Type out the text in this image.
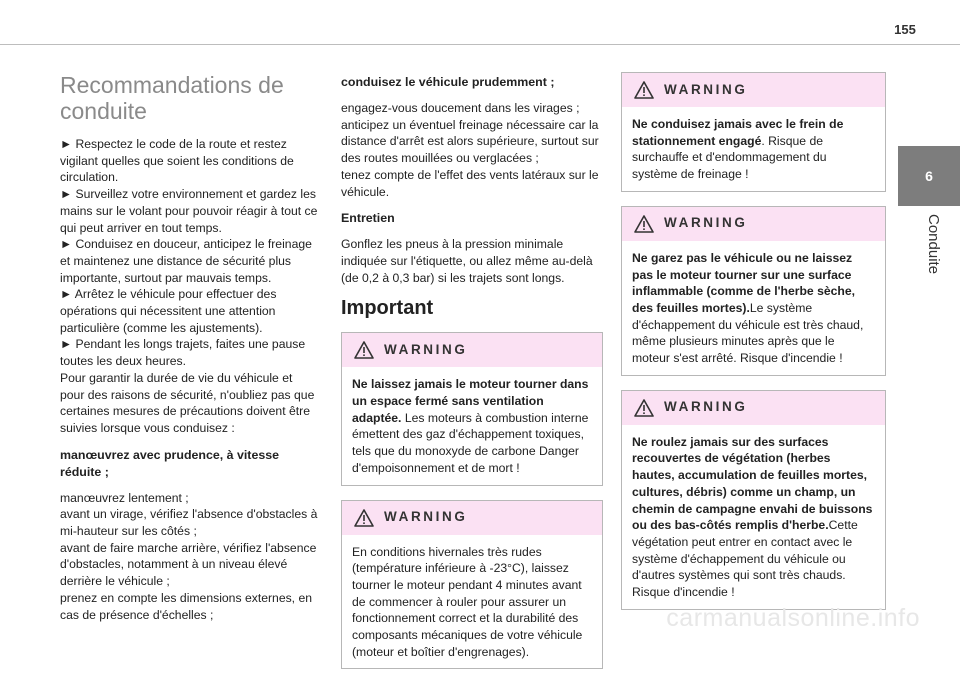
155
6
Conduite
Recommandations de conduite
► Respectez le code de la route et restez vigilant quelles que soient les conditions de circulation.
► Surveillez votre environnement et gardez les mains sur le volant pour pouvoir réagir à tout ce qui peut arriver en tout temps.
► Conduisez en douceur, anticipez le freinage et maintenez une distance de sécurité plus importante, surtout par mauvais temps.
► Arrêtez le véhicule pour effectuer des opérations qui nécessitent une attention particulière (comme les ajustements).
► Pendant les longs trajets, faites une pause toutes les deux heures.
Pour garantir la durée de vie du véhicule et pour des raisons de sécurité, n'oubliez pas que certaines mesures de précautions doivent être suivies lorsque vous conduisez :
manœuvrez avec prudence, à vitesse réduite ;
manœuvrez lentement ;
avant un virage, vérifiez l'absence d'obstacles à mi-hauteur sur les côtés ;
avant de faire marche arrière, vérifiez l'absence d'obstacles, notamment à un niveau élevé derrière le véhicule ;
prenez en compte les dimensions externes, en cas de présence d'échelles ;
conduisez le véhicule prudemment ;
engagez-vous doucement dans les virages ;
anticipez un éventuel freinage nécessaire car la distance d'arrêt est alors supérieure, surtout sur des routes mouillées ou verglacées ;
tenez compte de l'effet des vents latéraux sur le véhicule.
Entretien
Gonflez les pneus à la pression minimale indiquée sur l'étiquette, ou allez même au-delà (de 0,2 à 0,3 bar) si les trajets sont longs.
Important
WARNING
Ne laissez jamais le moteur tourner dans un espace fermé sans ventilation adaptée. Les moteurs à combustion interne émettent des gaz d'échappement toxiques, tels que du monoxyde de carbone Danger d'empoisonnement et de mort !
WARNING
En conditions hivernales très rudes (température inférieure à -23°C), laissez tourner le moteur pendant 4 minutes avant de commencer à rouler pour assurer un fonctionnement correct et la durabilité des composants mécaniques de votre véhicule (moteur et boîtier d'engrenages).
WARNING
Ne conduisez jamais avec le frein de stationnement engagé. Risque de surchauffe et d'endommagement du système de freinage !
WARNING
Ne garez pas le véhicule ou ne laissez pas le moteur tourner sur une surface inflammable (comme de l'herbe sèche, des feuilles mortes).Le système d'échappement du véhicule est très chaud, même plusieurs minutes après que le moteur s'est arrêté. Risque d'incendie !
WARNING
Ne roulez jamais sur des surfaces recouvertes de végétation (herbes hautes, accumulation de feuilles mortes, cultures, débris) comme un champ, un chemin de campagne envahi de buissons ou des bas-côtés remplis d'herbe.Cette végétation peut entrer en contact avec le système d'échappement du véhicule ou d'autres systèmes qui sont très chauds. Risque d'incendie !
carmanualsonline.info
